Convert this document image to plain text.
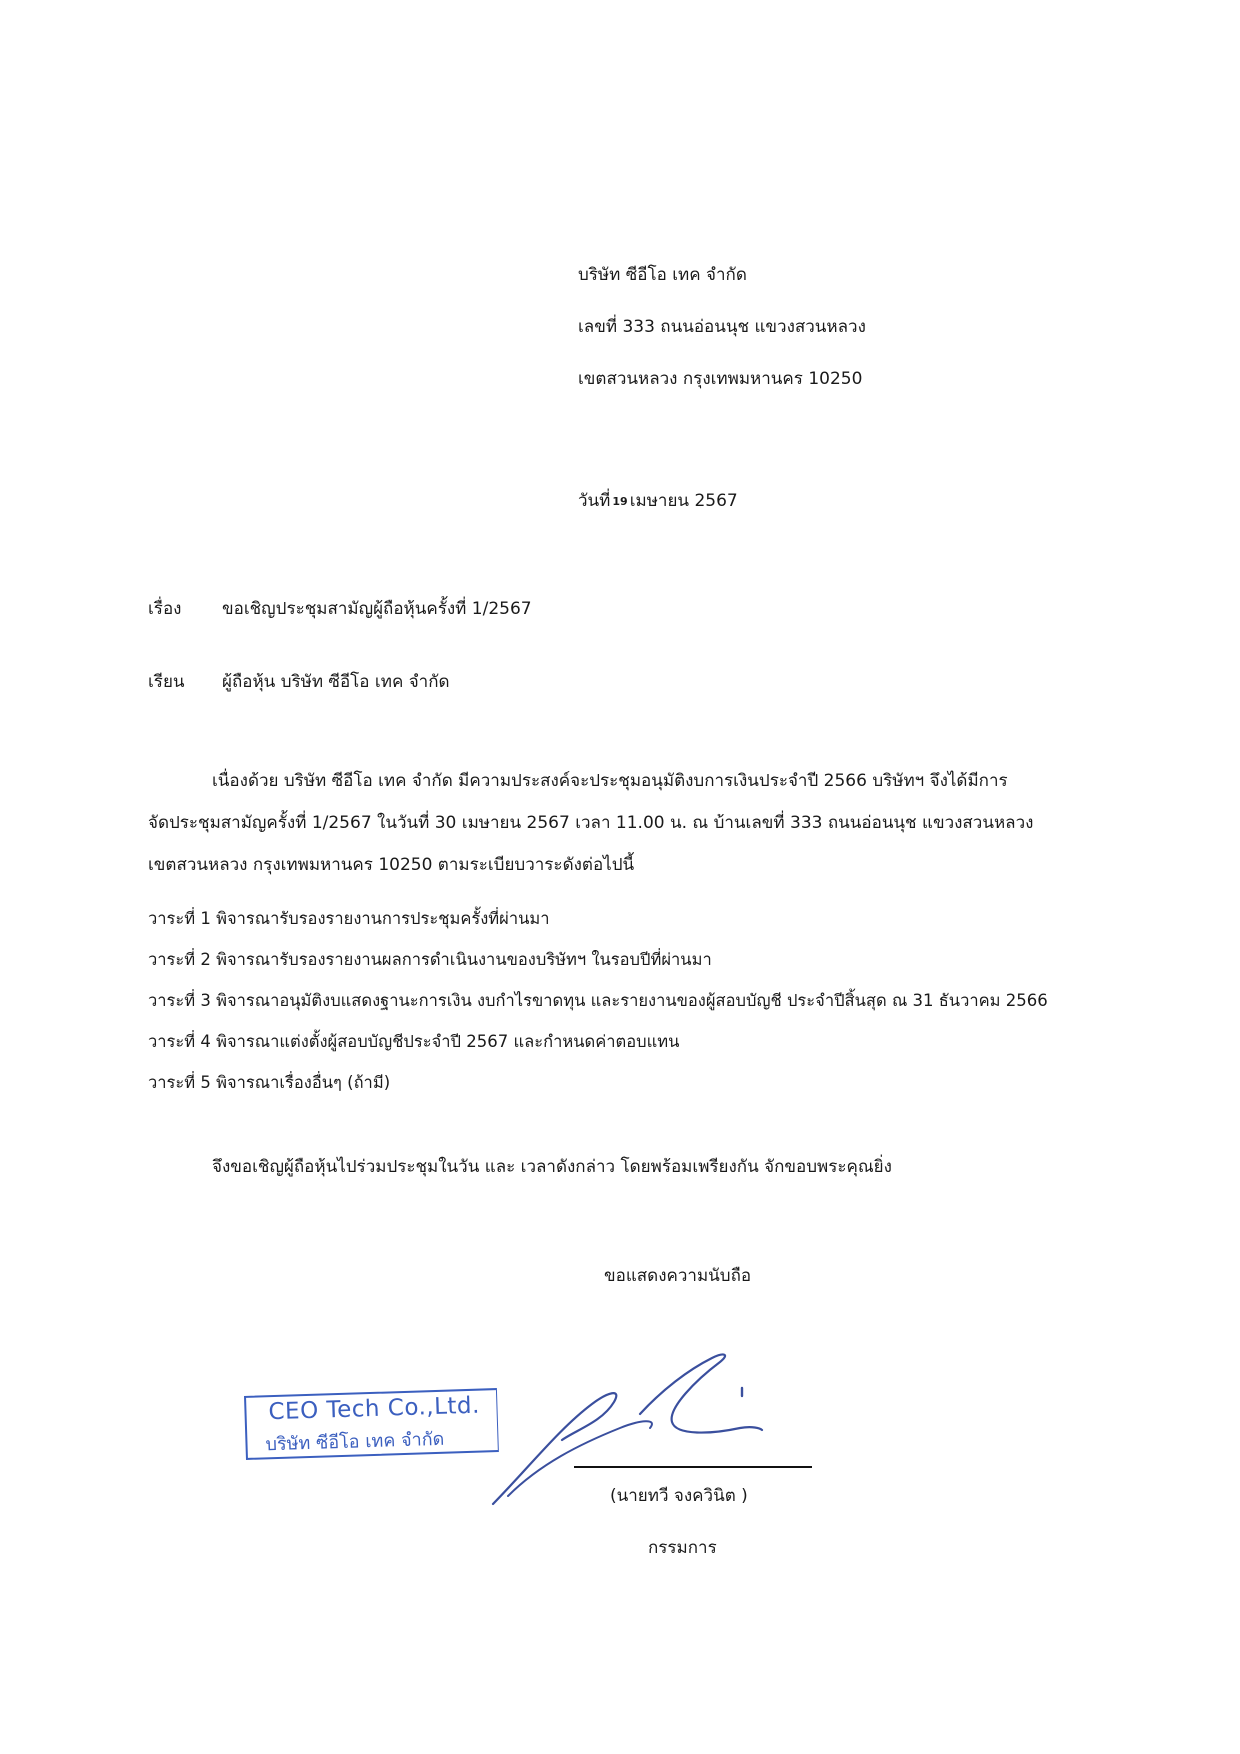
บริษัท ซีอีโอ เทค จำกัด
เลขที่ 333 ถนนอ่อนนุช แขวงสวนหลวง
เขตสวนหลวง กรุงเทพมหานคร 10250
วันที่ 19 เมษายน 2567
เรื่อง ขอเชิญประชุมสามัญผู้ถือหุ้นครั้งที่ 1/2567
เรียน ผู้ถือหุ้น บริษัท ซีอีโอ เทค จำกัด
เนื่องด้วย บริษัท ซีอีโอ เทค จำกัด มีความประสงค์จะประชุมอนุมัติงบการเงินประจำปี 2566 บริษัทฯ จึงได้มีการ
จัดประชุมสามัญครั้งที่ 1/2567 ในวันที่ 30 เมษายน 2567 เวลา 11.00 น. ณ บ้านเลขที่ 333 ถนนอ่อนนุช แขวงสวนหลวง
เขตสวนหลวง กรุงเทพมหานคร 10250 ตามระเบียบวาระดังต่อไปนี้
วาระที่ 1 พิจารณารับรองรายงานการประชุมครั้งที่ผ่านมา
วาระที่ 2 พิจารณารับรองรายงานผลการดำเนินงานของบริษัทฯ ในรอบปีที่ผ่านมา
วาระที่ 3 พิจารณาอนุมัติงบแสดงฐานะการเงิน งบกำไรขาดทุน และรายงานของผู้สอบบัญชี ประจำปีสิ้นสุด ณ 31 ธันวาคม 2566
วาระที่ 4 พิจารณาแต่งตั้งผู้สอบบัญชีประจำปี 2567 และกำหนดค่าตอบแทน
วาระที่ 5 พิจารณาเรื่องอื่นๆ (ถ้ามี)
จึงขอเชิญผู้ถือหุ้นไปร่วมประชุมในวัน และ เวลาดังกล่าว โดยพร้อมเพรียงกัน จักขอบพระคุณยิ่ง
ขอแสดงความนับถือ
CEO Tech Co.,Ltd.
บริษัท ซีอีโอ เทค จำกัด
(นายทวี จงควินิต )
กรรมการ
